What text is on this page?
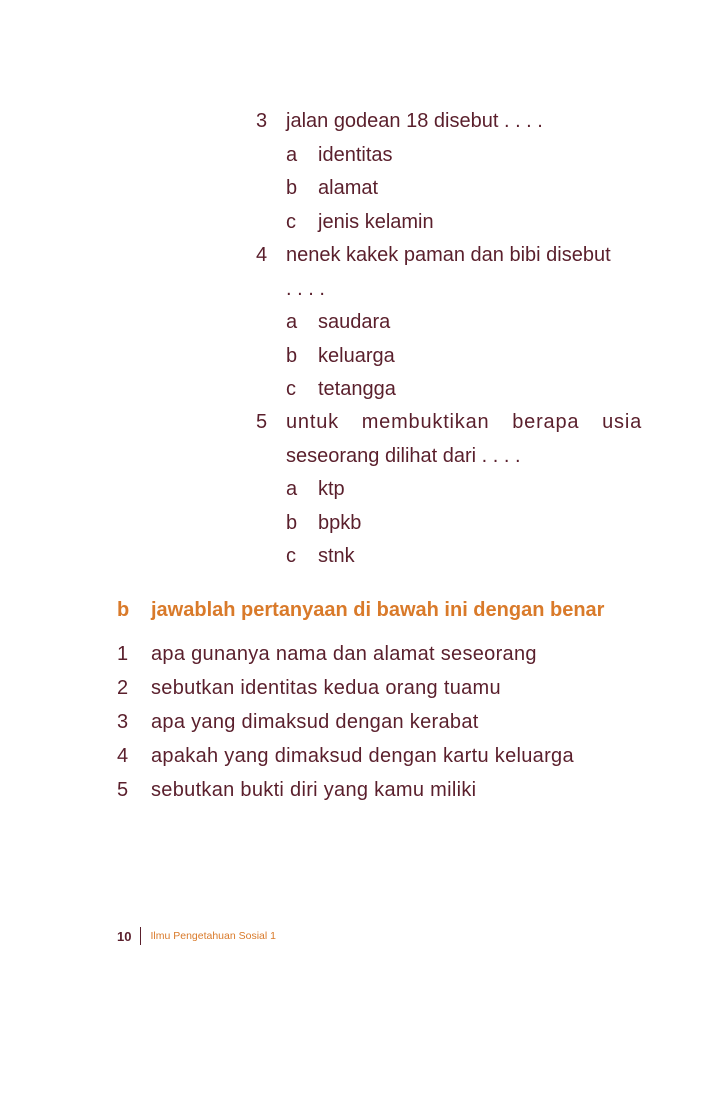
3 jalan godean 18 disebut . . . .
a	identitas
b	alamat
c	jenis kelamin
4 nenek kakek paman dan bibi disebut
. . . .
a	saudara
b	keluarga
c	tetangga
5 untuk membuktikan berapa usia
seseorang dilihat dari . . . .
a	ktp
b	bpkb
c	stnk
b	jawablah pertanyaan di bawah ini dengan benar
1	apa gunanya nama dan alamat seseorang
2	sebutkan identitas kedua orang tuamu
3	apa yang dimaksud dengan kerabat
4	apakah yang dimaksud dengan kartu keluarga
5	sebutkan bukti diri yang kamu miliki
10 Ilmu Pengetahuan Sosial 1
